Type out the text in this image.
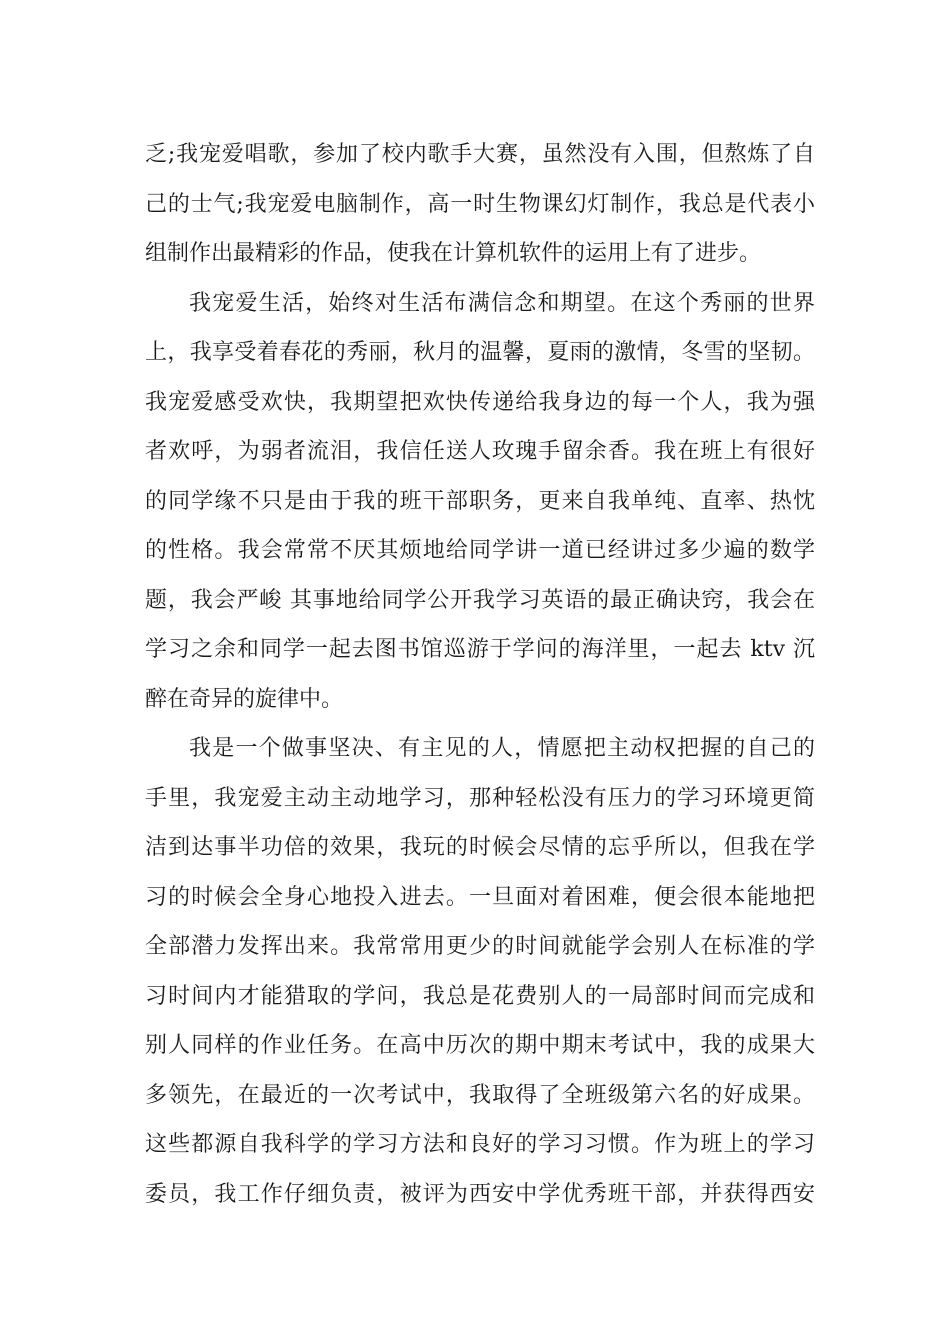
乏;我宠爱唱歌，参加了校内歌手大赛，虽然没有入围，但熬炼了自
己的士气;我宠爱电脑制作，高一时生物课幻灯制作，我总是代表小
组制作出最精彩的作品，使我在计算机软件的运用上有了进步。
我宠爱生活，始终对生活布满信念和期望。在这个秀丽的世界
上，我享受着春花的秀丽，秋月的温馨，夏雨的激情，冬雪的坚韧。
我宠爱感受欢快，我期望把欢快传递给我身边的每一个人，我为强
者欢呼，为弱者流泪，我信任送人玫瑰手留余香。我在班上有很好
的同学缘不只是由于我的班干部职务，更来自我单纯、直率、热忱
的性格。我会常常不厌其烦地给同学讲一道已经讲过多少遍的数学
题，我会严峻 其事地给同学公开我学习英语的最正确诀窍，我会在
学习之余和同学一起去图书馆巡游于学问的海洋里，一起去 ktv 沉
醉在奇异的旋律中。
我是一个做事坚决、有主见的人，情愿把主动权把握的自己的
手里，我宠爱主动主动地学习，那种轻松没有压力的学习环境更简
洁到达事半功倍的效果，我玩的时候会尽情的忘乎所以，但我在学
习的时候会全身心地投入进去。一旦面对着困难，便会很本能地把
全部潜力发挥出来。我常常用更少的时间就能学会别人在标准的学
习时间内才能猎取的学问，我总是花费别人的一局部时间而完成和
别人同样的作业任务。在高中历次的期中期末考试中，我的成果大
多领先，在最近的一次考试中，我取得了全班级第六名的好成果。
这些都源自我科学的学习方法和良好的学习习惯。作为班上的学习
委员，我工作仔细负责，被评为西安中学优秀班干部，并获得西安
